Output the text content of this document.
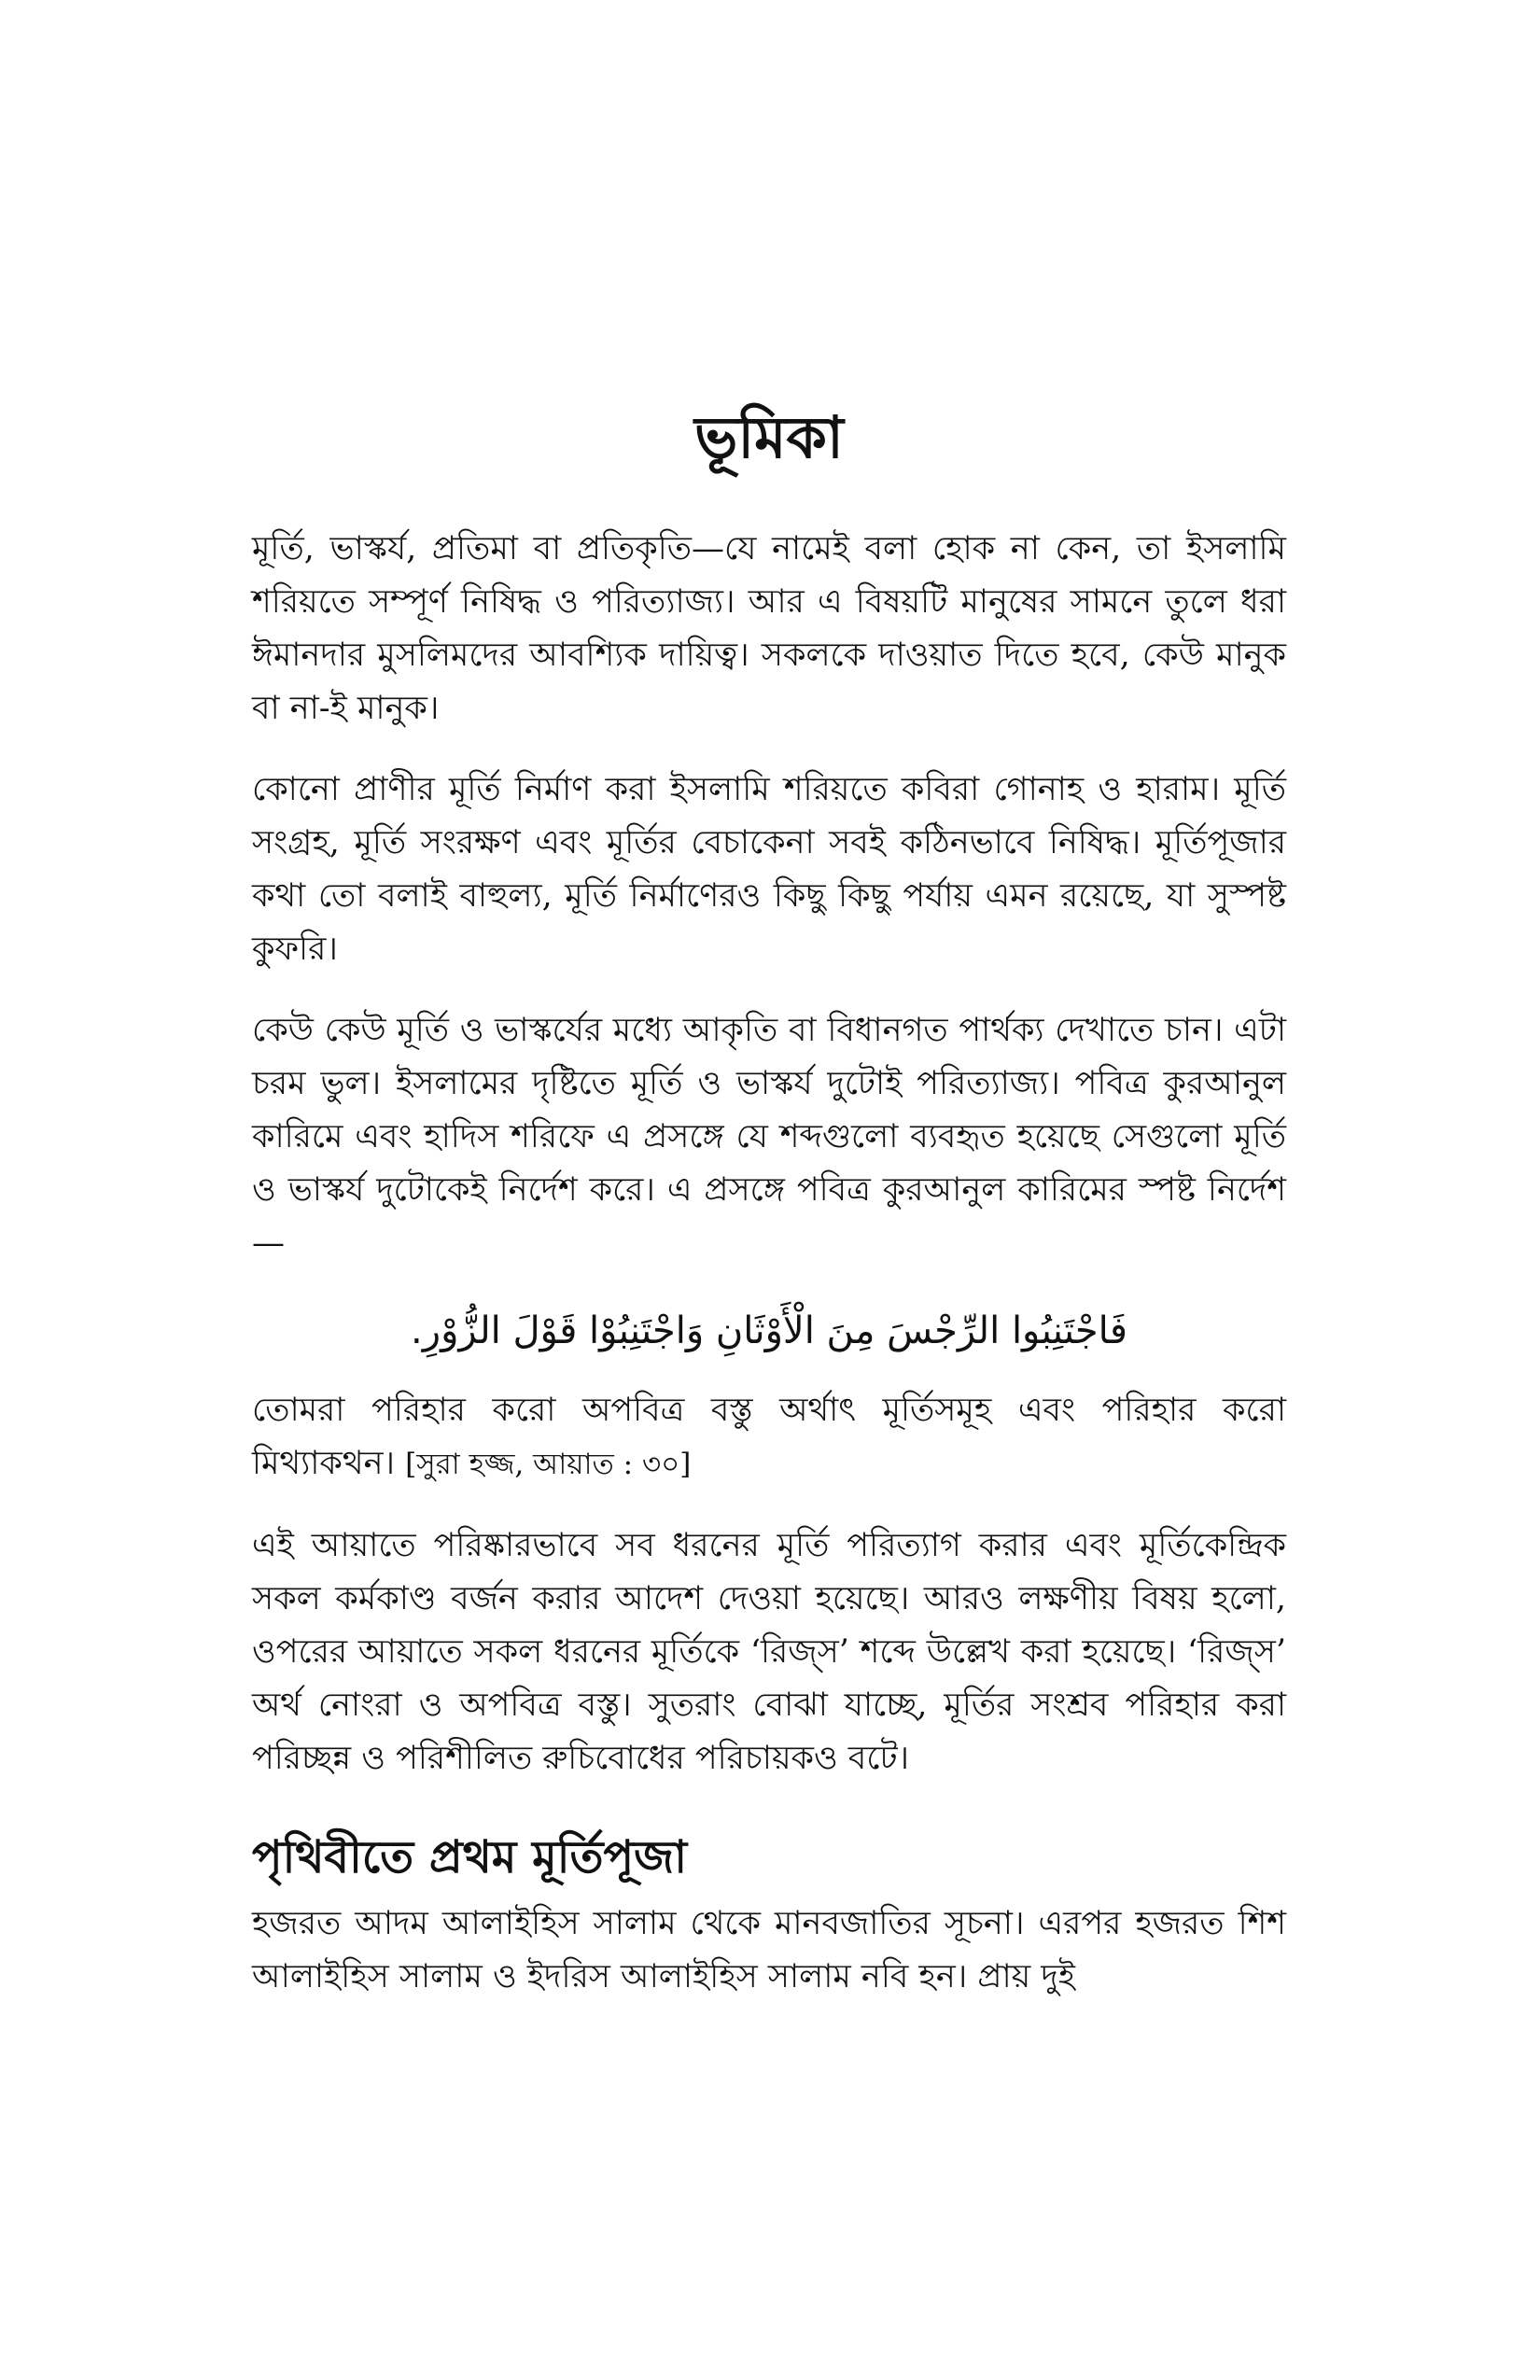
ভূমিকা

মূর্তি, ভাস্কর্য, প্রতিমা বা প্রতিকৃতি—যে নামেই বলা হোক না কেন, তা ইসলামি শরিয়তে সম্পূর্ণ নিষিদ্ধ ও পরিত্যাজ্য। আর এ বিষয়টি মানুষের সামনে তুলে ধরা ঈমানদার মুসলিমদের আবশ্যিক দায়িত্ব। সকলকে দাওয়াত দিতে হবে, কেউ মানুক বা না-ই মানুক।

কোনো প্রাণীর মূর্তি নির্মাণ করা ইসলামি শরিয়তে কবিরা গোনাহ ও হারাম। মূর্তি সংগ্রহ, মূর্তি সংরক্ষণ এবং মূর্তির বেচাকেনা সবই কঠিনভাবে নিষিদ্ধ। মূর্তিপূজার কথা তো বলাই বাহুল্য, মূর্তি নির্মাণেরও কিছু কিছু পর্যায় এমন রয়েছে, যা সুস্পষ্ট কুফরি।

কেউ কেউ মূর্তি ও ভাস্কর্যের মধ্যে আকৃতি বা বিধানগত পার্থক্য দেখাতে চান। এটা চরম ভুল। ইসলামের দৃষ্টিতে মূর্তি ও ভাস্কর্য দুটোই পরিত্যাজ্য। পবিত্র কুরআনুল কারিমে এবং হাদিস শরিফে এ প্রসঙ্গে যে শব্দগুলো ব্যবহৃত হয়েছে সেগুলো মূর্তি ও ভাস্কর্য দুটোকেই নির্দেশ করে। এ প্রসঙ্গে পবিত্র কুরআনুল কারিমের স্পষ্ট নির্দেশ—

فَاجْتَنِبُوا الرِّجْسَ مِنَ الْأَوْثَانِ وَاجْتَنِبُوْا قَوْلَ الزُّوْرِ.

তোমরা পরিহার করো অপবিত্র বস্তু অর্থাৎ মূর্তিসমূহ এবং পরিহার করো মিথ্যাকথন। [সুরা হজ্জ, আয়াত : ৩০]

এই আয়াতে পরিষ্কারভাবে সব ধরনের মূর্তি পরিত্যাগ করার এবং মূর্তিকেন্দ্রিক সকল কর্মকাণ্ড বর্জন করার আদেশ দেওয়া হয়েছে। আরও লক্ষণীয় বিষয় হলো, ওপরের আয়াতে সকল ধরনের মূর্তিকে ‘রিজ্স’ শব্দে উল্লেখ করা হয়েছে। ‘রিজ্স’ অর্থ নোংরা ও অপবিত্র বস্তু। সুতরাং বোঝা যাচ্ছে, মূর্তির সংশ্রব পরিহার করা পরিচ্ছন্ন ও পরিশীলিত রুচিবোধের পরিচায়কও বটে।

পৃথিবীতে প্রথম মূর্তিপূজা

হজরত আদম আলাইহিস সালাম থেকে মানবজাতির সূচনা। এরপর হজরত শিশ আলাইহিস সালাম ও ইদরিস আলাইহিস সালাম নবি হন। প্রায় দুই
